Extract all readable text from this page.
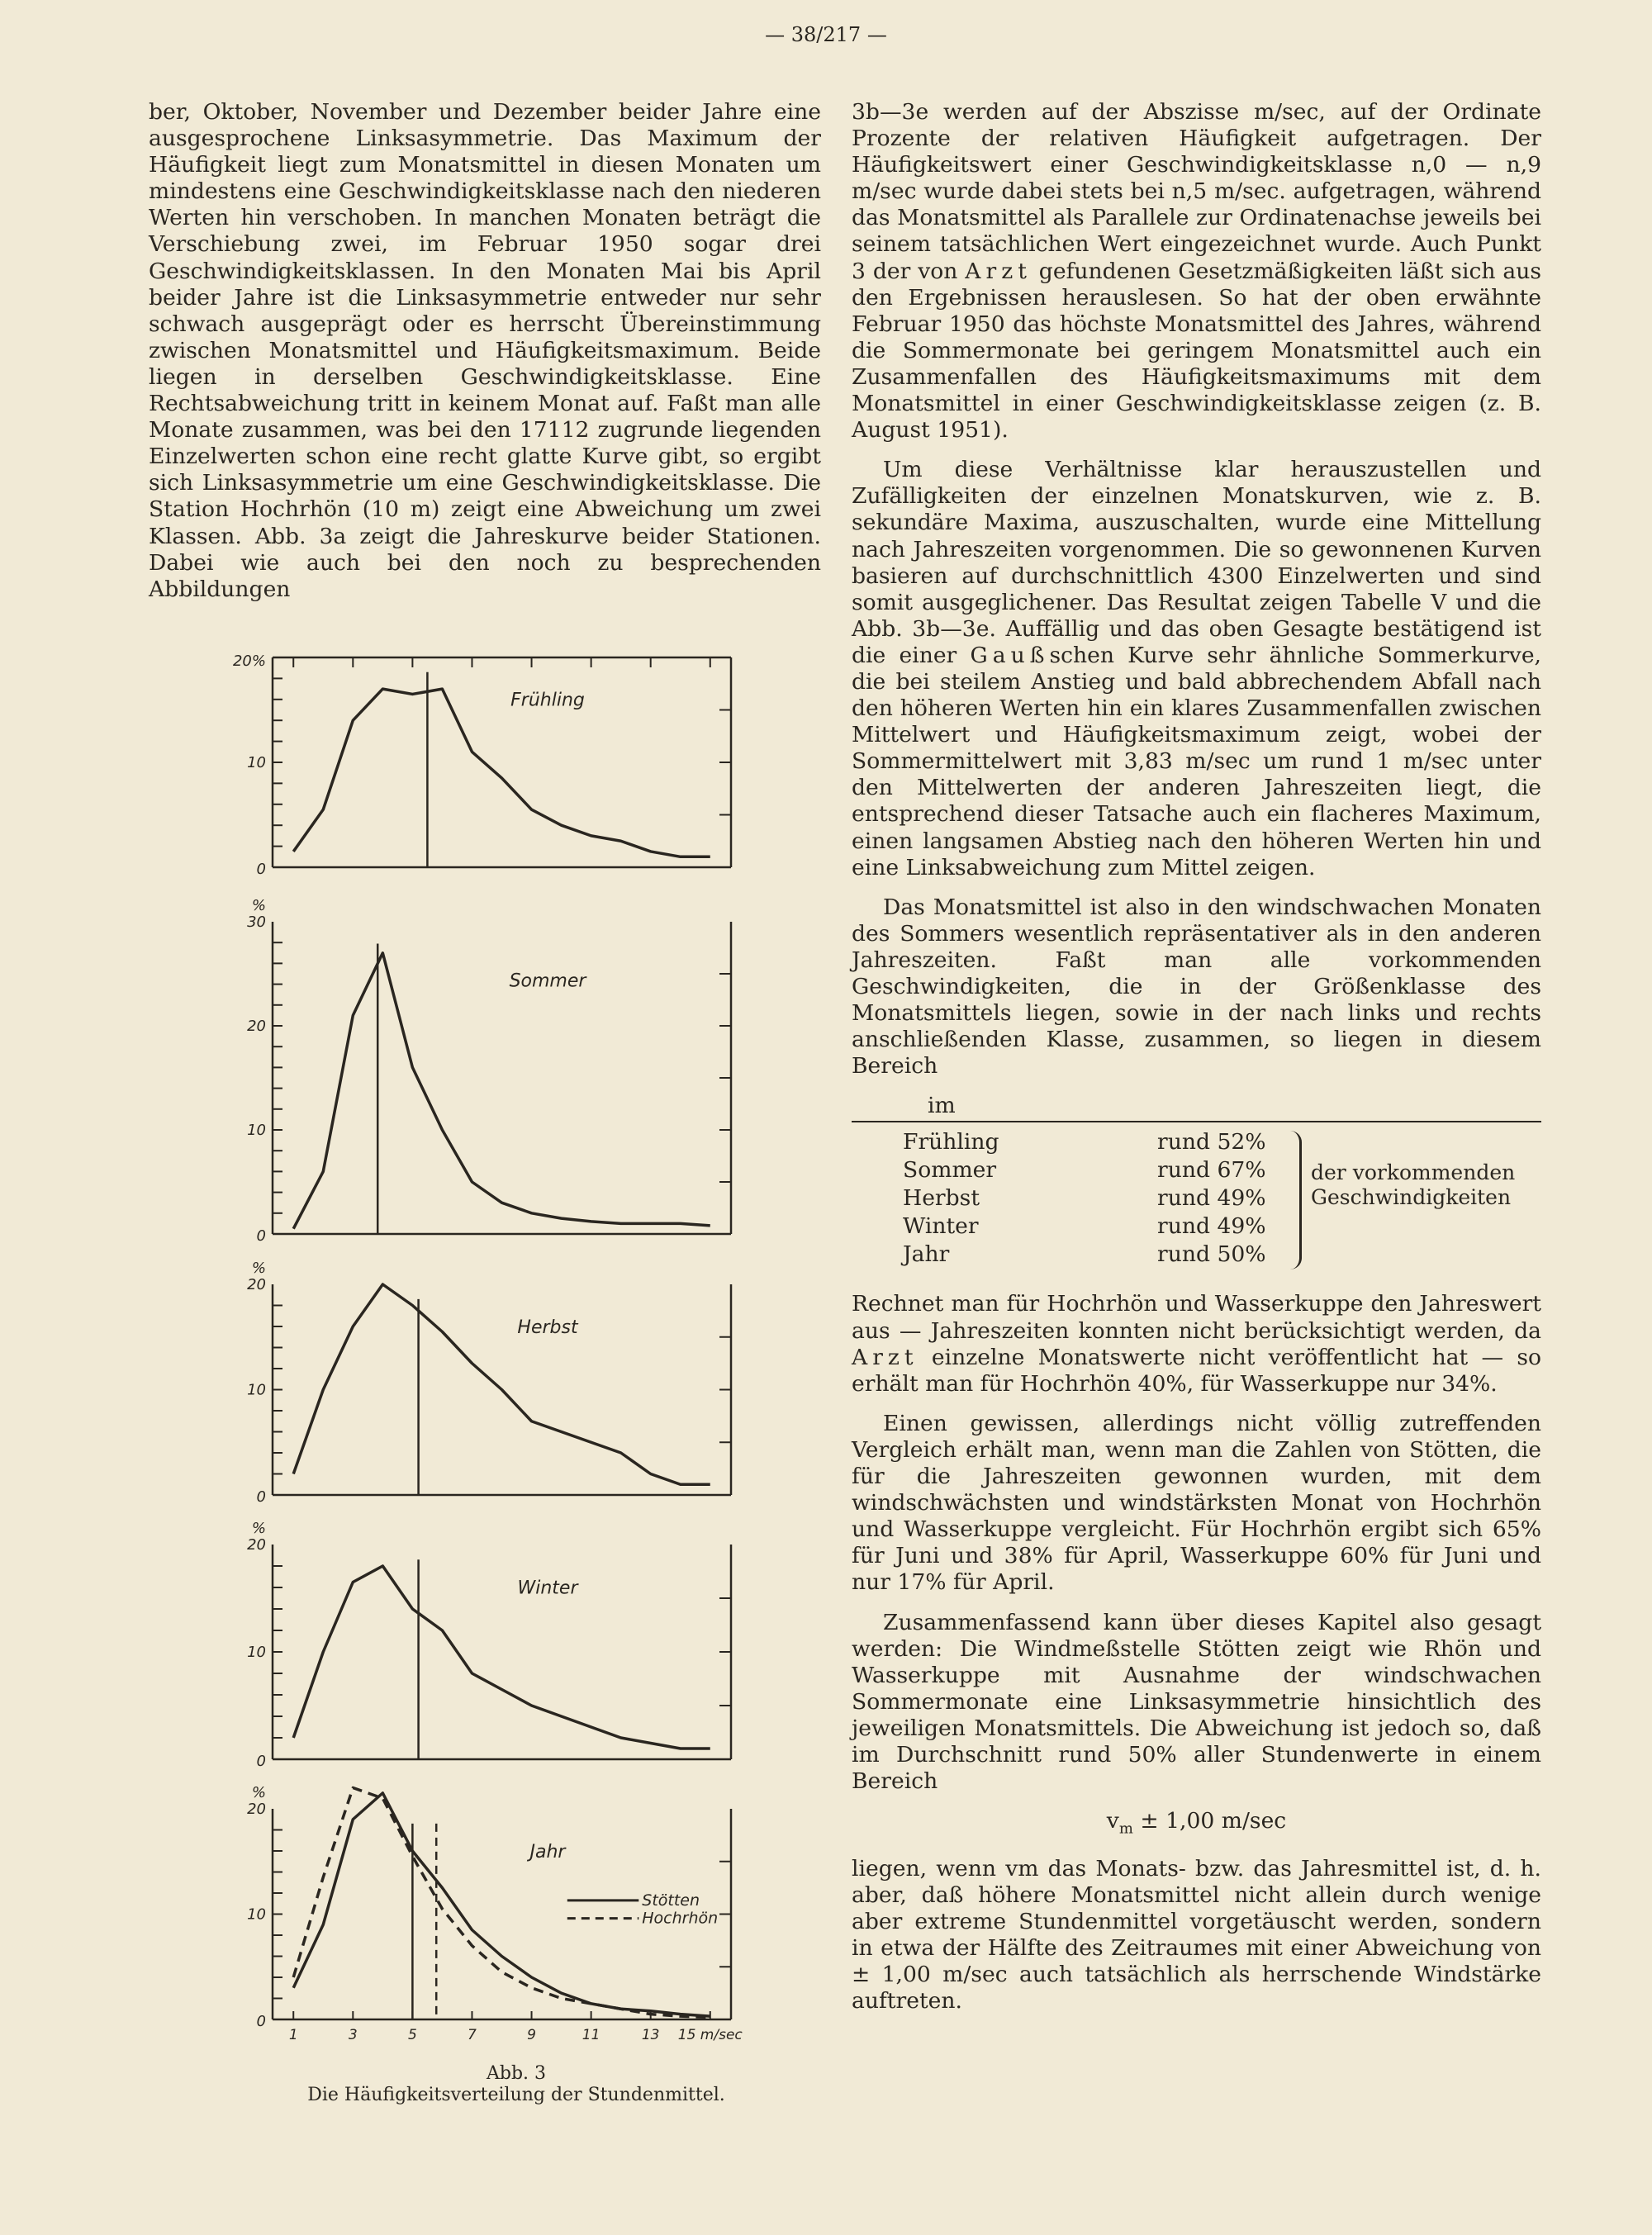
— 38/217 —

ber, Oktober, November und Dezember beider Jahre eine ausgesprochene Linksasymmetrie. Das Maximum der Häufigkeit liegt zum Monatsmittel in diesen Monaten um mindestens eine Geschwindigkeitsklasse nach den niederen Werten hin verschoben. In manchen Monaten beträgt die Verschiebung zwei, im Februar 1950 sogar drei Geschwindigkeitsklassen. In den Monaten Mai bis April beider Jahre ist die Linksasymmetrie entweder nur sehr schwach ausgeprägt oder es herrscht Übereinstimmung zwischen Monatsmittel und Häufigkeitsmaximum. Beide liegen in derselben Geschwindigkeitsklasse. Eine Rechtsabweichung tritt in keinem Monat auf. Faßt man alle Monate zusammen, was bei den 17112 zugrunde liegenden Einzelwerten schon eine recht glatte Kurve gibt, so ergibt sich Linksasymmetrie um eine Geschwindigkeitsklasse. Die Station Hochrhön (10 m) zeigt eine Abweichung um zwei Klassen. Abb. 3a zeigt die Jahreskurve beider Stationen. Dabei wie auch bei den noch zu besprechenden Abbildungen

3b—3e werden auf der Abszisse m/sec, auf der Ordinate Prozente der relativen Häufigkeit aufgetragen. Der Häufigkeitswert einer Geschwindigkeitsklasse n,0 — n,9 m/sec wurde dabei stets bei n,5 m/sec. aufgetragen, während das Monatsmittel als Parallele zur Ordinatenachse jeweils bei seinem tatsächlichen Wert eingezeichnet wurde. Auch Punkt 3 der von Arzt gefundenen Gesetzmäßigkeiten läßt sich aus den Ergebnissen herauslesen. So hat der oben erwähnte Februar 1950 das höchste Monatsmittel des Jahres, während die Sommermonate bei geringem Monatsmittel auch ein Zusammenfallen des Häufigkeitsmaximums mit dem Monatsmittel in einer Geschwindigkeitsklasse zeigen (z. B. August 1951).

Um diese Verhältnisse klar herauszustellen und Zufälligkeiten der einzelnen Monatskurven, wie z. B. sekundäre Maxima, auszuschalten, wurde eine Mittellung nach Jahreszeiten vorgenommen. Die so gewonnenen Kurven basieren auf durchschnittlich 4300 Einzelwerten und sind somit ausgeglichener. Das Resultat zeigen Tabelle V und die Abb. 3b—3e. Auffällig und das oben Gesagte bestätigend ist die einer Gaußschen Kurve sehr ähnliche Sommerkurve, die bei steilem Anstieg und bald abbrechendem Abfall nach den höheren Werten hin ein klares Zusammenfallen zwischen Mittelwert und Häufigkeitsmaximum zeigt, wobei der Sommermittelwert mit 3,83 m/sec um rund 1 m/sec unter den Mittelwerten der anderen Jahreszeiten liegt, die entsprechend dieser Tatsache auch ein flacheres Maximum, einen langsamen Abstieg nach den höheren Werten hin und eine Linksabweichung zum Mittel zeigen.

Das Monatsmittel ist also in den windschwachen Monaten des Sommers wesentlich repräsentativer als in den anderen Jahreszeiten. Faßt man alle vorkommenden Geschwindigkeiten, die in der Größenklasse des Monatsmittels liegen, sowie in der nach links und rechts anschließenden Klasse, zusammen, so liegen in diesem Bereich

im
Frühling	rund 52%
Sommer	rund 67%
Herbst	rund 49%
Winter	rund 49%
Jahr	rund 50%
der vorkommenden
Geschwindigkeiten

Rechnet man für Hochrhön und Wasserkuppe den Jahreswert aus — Jahreszeiten konnten nicht berücksichtigt werden, da Arzt einzelne Monatswerte nicht veröffentlicht hat — so erhält man für Hochrhön 40%, für Wasserkuppe nur 34%.

Einen gewissen, allerdings nicht völlig zutreffenden Vergleich erhält man, wenn man die Zahlen von Stötten, die für die Jahreszeiten gewonnen wurden, mit dem windschwächsten und windstärksten Monat von Hochrhön und Wasserkuppe vergleicht. Für Hochrhön ergibt sich 65% für Juni und 38% für April, Wasserkuppe 60% für Juni und nur 17% für April.

Zusammenfassend kann über dieses Kapitel also gesagt werden: Die Windmeßstelle Stötten zeigt wie Rhön und Wasserkuppe mit Ausnahme der windschwachen Sommermonate eine Linksasymmetrie hinsichtlich des jeweiligen Monatsmittels. Die Abweichung ist jedoch so, daß im Durchschnitt rund 50% aller Stundenwerte in einem Bereich

$v_m \pm 1,00$ m/sec

liegen, wenn vm das Monats- bzw. das Jahresmittel ist, d. h. aber, daß höhere Monatsmittel nicht allein durch wenige aber extreme Stundenmittel vorgetäuscht werden, sondern in etwa der Hälfte des Zeitraumes mit einer Abweichung von ± 1,00 m/sec auch tatsächlich als herrschende Windstärke auftreten.

20%
10
0
Frühling
%
30
20
10
0
Sommer
%
20
10
0
Herbst
%
20
10
0
Winter
%
20
10
0
Jahr
1	3	5	7	9	11	13 15 m/sec
Stötten
Hochrhön
Abb. 3
Die Häufigkeitsverteilung der Stundenmittel.
